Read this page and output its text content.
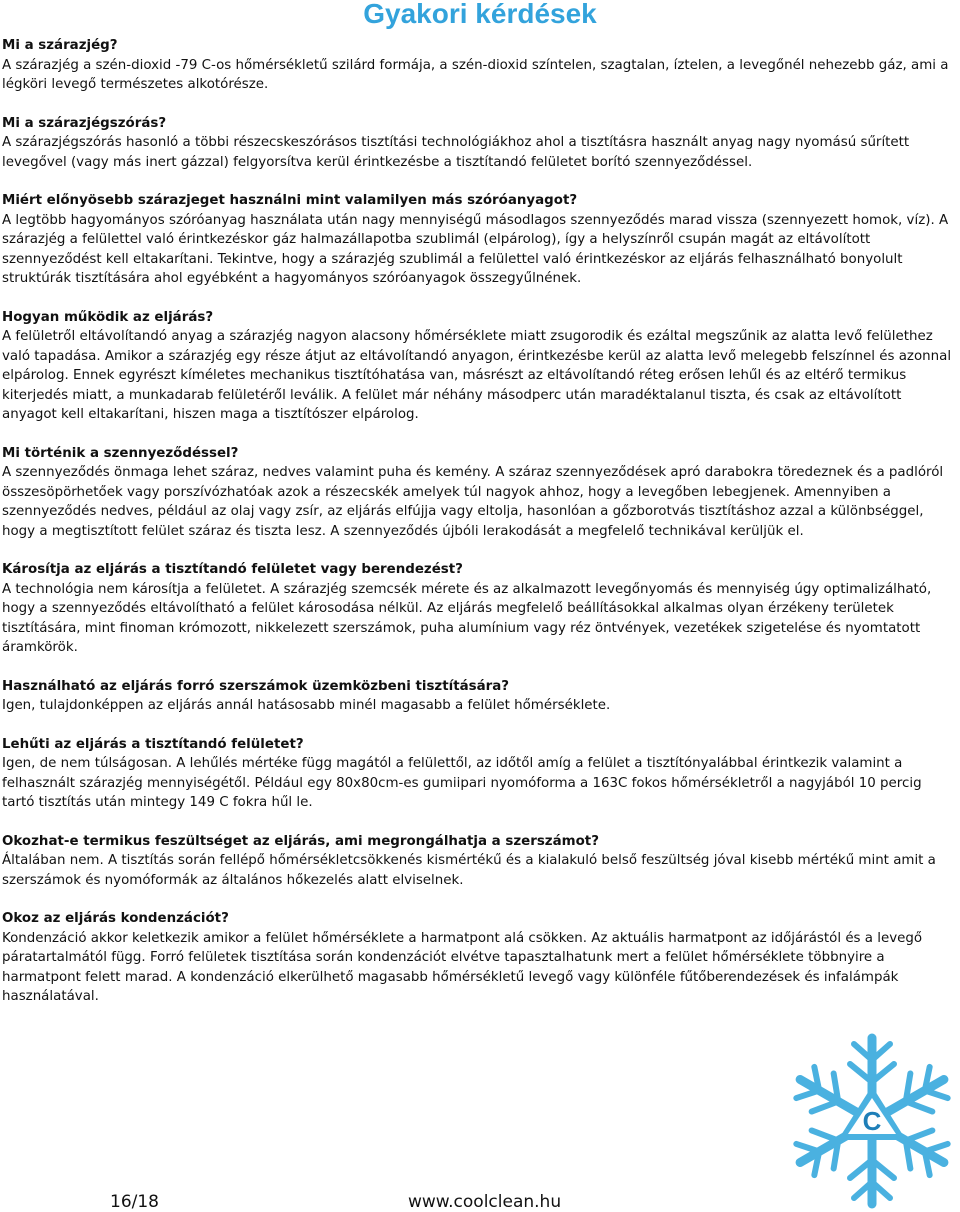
Gyakori kérdések

Mi a szárazjég?

A szárazjég a szén-dioxid -79 C-os hőmérsékletű szilárd formája, a szén-dioxid színtelen, szagtalan, íztelen, a levegőnél nehezebb gáz, ami a légköri levegő természetes alkotórésze.

Mi a szárazjégszórás?

A szárazjégszórás hasonló a többi részecskeszórásos tisztítási technológiákhoz ahol a tisztításra használt anyag nagy nyomású sűrített levegővel (vagy más inert gázzal) felgyorsítva kerül érintkezésbe a tisztítandó felületet borító szennyeződéssel.

Miért előnyösebb szárazjeget használni mint valamilyen más szóróanyagot?

A legtöbb hagyományos szóróanyag használata után nagy mennyiségű másodlagos szennyeződés marad vissza (szennyezett homok, víz). A szárazjég a felülettel való érintkezéskor gáz halmazállapotba szublimál (elpárolog), így a helyszínről csupán magát az eltávolított szennyeződést kell eltakarítani. Tekintve, hogy a szárazjég szublimál a felülettel való érintkezéskor az eljárás felhasználható bonyolult struktúrák tisztítására ahol egyébként a hagyományos szóróanyagok összegyűlnének.

Hogyan működik az eljárás?

A felületről eltávolítandó anyag a szárazjég nagyon alacsony hőmérséklete miatt zsugorodik és ezáltal megszűnik az alatta levő felülethez való tapadása. Amikor a szárazjég egy része átjut az eltávolítandó anyagon, érintkezésbe kerül az alatta levő melegebb felszínnel és azonnal elpárolog. Ennek egyrészt kíméletes mechanikus tisztítóhatása van, másrészt az eltávolítandó réteg erősen lehűl és az eltérő termikus kiterjedés miatt, a munkadarab felületéről leválik. A felület már néhány másodperc után maradéktalanul tiszta, és csak az eltávolított anyagot kell eltakarítani, hiszen maga a tisztítószer elpárolog.

Mi történik a szennyeződéssel?

A szennyeződés önmaga lehet száraz, nedves valamint puha és kemény. A száraz szennyeződések apró darabokra töredeznek és a padlóról összesöpörhetőek vagy porszívózhatóak azok a részecskék amelyek túl nagyok ahhoz, hogy a levegőben lebegjenek. Amennyiben a szennyeződés nedves, például az olaj vagy zsír, az eljárás elfújja vagy eltolja, hasonlóan a gőzborotvás tisztításhoz azzal a különbséggel, hogy a megtisztított felület száraz és tiszta lesz. A szennyeződés újbóli lerakodását a megfelelő technikával kerüljük el.

Károsítja az eljárás a tisztítandó felületet vagy berendezést?

A technológia nem károsítja a felületet. A szárazjég szemcsék mérete és az alkalmazott levegőnyomás és mennyiség úgy optimalizálható, hogy a szennyeződés eltávolítható a felület károsodása nélkül. Az eljárás megfelelő beállításokkal alkalmas olyan érzékeny területek tisztítására, mint finoman krómozott, nikkelezett szerszámok, puha alumínium vagy réz öntvények, vezetékek szigetelése és nyomtatott áramkörök.

Használható az eljárás forró szerszámok üzemközbeni tisztítására?

Igen, tulajdonképpen az eljárás annál hatásosabb minél magasabb a felület hőmérséklete.

Lehűti az eljárás a tisztítandó felületet?

Igen, de nem túlságosan. A lehűlés mértéke függ magától a felülettől, az időtől amíg a felület a tisztítónyalábbal érintkezik valamint a felhasznált szárazjég mennyiségétől. Például egy 80x80cm-es gumiipari nyomóforma a 163C fokos hőmérsékletről a nagyjából 10 percig tartó tisztítás után mintegy 149 C fokra hűl le.

Okozhat-e termikus feszültséget az eljárás, ami megrongálhatja a szerszámot?

Általában nem. A tisztítás során fellépő hőmérsékletcsökkenés kismértékű és a kialakuló belső feszültség jóval kisebb mértékű mint amit a szerszámok és nyomóformák az általános hőkezelés alatt elviselnek.

Okoz az eljárás kondenzációt?

Kondenzáció akkor keletkezik amikor a felület hőmérséklete a harmatpont alá csökken. Az aktuális harmatpont az időjárástól és a levegő páratartalmától függ. Forró felületek tisztítása során kondenzációt elvétve tapasztalhatunk mert a felület hőmérséklete többnyire a harmatpont felett marad. A kondenzáció elkerülhető magasabb hőmérsékletű levegő vagy különféle fűtőberendezések és infalámpák használatával.

C
16/18	www.coolclean.hu
